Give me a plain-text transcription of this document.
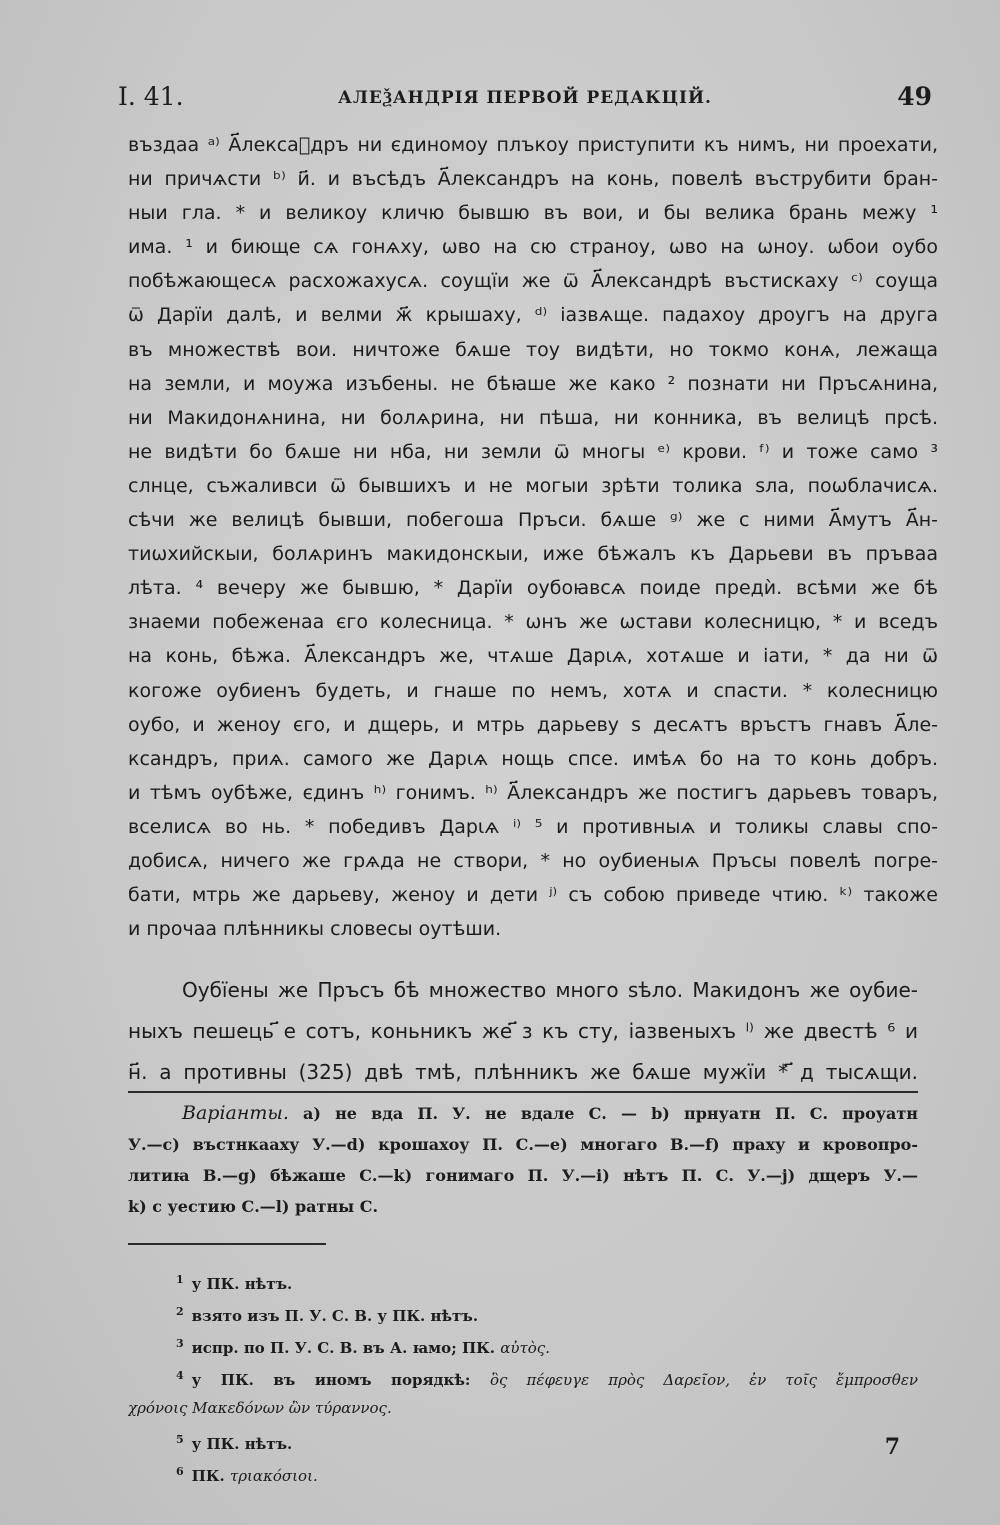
I. 41.	АЛЕѮАНДРІЯ ПЕРВОЙ РЕДАКЦІЙ.	49
въздаа ᵃ⁾ А҃лексаⷩдръ ни єдиномоу плъкоу приступити къ нимъ, ни проехати,
ни причѧсти ᵇ⁾ и҃. и въсѣдъ А҃лександръ на конь, повелѣ въструбити бран-
ныи гла. * и великоу кличю бывшю въ вои, и бы велика брань межу ¹
има. ¹ и биюще сѧ гонѧху, ѡво на сю страноу, ѡво на ѡноу. ѡбои оубо
побѣжающесѧ расхожахусѧ. соущїи же ѿ А҃лександрѣ въстискаху ᶜ⁾ соуща
ѿ Дарїи далѣ, и велми ж҃ крышаху, ᵈ⁾ іазвѧще. падахоу дроугъ на друга
въ множествѣ вои. ничтоже бѧше тоу видѣти, но токмо конѧ, лежаща
на земли, и моужа изъбены. не бѣꙗше же како ² познати ни Пръсѧнина,
ни Макидонѧнина, ни болѧрина, ни пѣша, ни конника, въ велицѣ прсѣ.
не видѣти бо бѧше ни нба, ни земли ѿ многы ᵉ⁾ крови. ᶠ⁾ и тоже само ³
слнце, съжаливси ѿ бывшихъ и не могыи зрѣти толика sла, поѡблачисѧ.
сѣчи же велицѣ бывши, побегоша Пръси. бѧше ᵍ⁾ же с ними А҃мутъ А҃н-
тиѡхийскыи, болѧринъ макидонскыи, иже бѣжалъ къ Дарьеви въ пръваа
лѣта. ⁴ вечеру же бывшю, * Дарїи оубоꙗвсѧ поиде предѝ. всѣми же бѣ
знаеми побеженаа єго колесница. * ѡнъ же ѡстави колесницю, * и вседъ
на конь, бѣжа. А҃лександръ же, чтѧше Дарꙇѧ, хотѧше и іати, * да ни ѿ
когоже оубиенъ будеть, и гнаше по немъ, хотѧ и спасти. * колесницю
оубо, и женоу єго, и дщерь, и мтрь дарьеву ѕ десѧтъ връстъ гнавъ А҃ле-
ксандръ, приѧ. самого же Дарꙇѧ нощь спсе. имѣѧ бо на то конь добръ.
и тѣмъ оубѣже, єдинъ ʰ⁾ гонимъ. ʰ⁾ А҃лександръ же постигъ дарьевъ товаръ,
вселисѧ во нь. * победивъ Дарꙇѧ ⁱ⁾ ⁵ и противныѧ и толикы славы спо-
добисѧ, ничего же грѧда не створи, * но оубиеныѧ Пръсы повелѣ погре-
бати, мтрь же дарьеву, женоу и дети ʲ⁾ съ собою приведе чтию. ᵏ⁾ такоже
и прочаа плѣнникы словесы оутѣши.
Оубїены же Пръсъ бѣ множество много ѕѣло. Макидонъ же оубие-
ныхъ пешець ҃е сотъ, коньникъ же ҃з къ сту, іазвеныхъ ˡ⁾ же двестѣ ⁶ и
н҃. а противны (325) двѣ тмѣ, плѣнникъ же бѧше мужїи * ҃д тысѧщи.
Варіанты. a) не вда П. У. не вдале С. — b) прнуатн П. С. проуатн
У.—c) въстнкааху У.—d) крошахоу П. С.—e) многаго В.—f) праху и кровопро-
литиꙗ В.—g) бѣжаше С.—k) гонимаго П. У.—i) нѣтъ П. С. У.—j) дщеръ У.—
k) с уестию С.—l) ратны С.
$^1$ у ПК. нѣтъ.
$^2$ взято изъ П. У. С. В. у ПК. нѣтъ.
$^3$ испр. по П. У. С. В. въ А. ꙗмо; ПК. αὐτὸς.
$^4$ у ПК. въ иномъ порядкѣ: ὃς πέφευγε πρὸς Δαρεῖον, ἐν τοῖς ἔμπροσθεν
χρόνοις Μακεδόνων ὢν τύραννος.
$^5$ у ПК. нѣтъ.
$^6$ ПК. τριακόσιοι.
7
